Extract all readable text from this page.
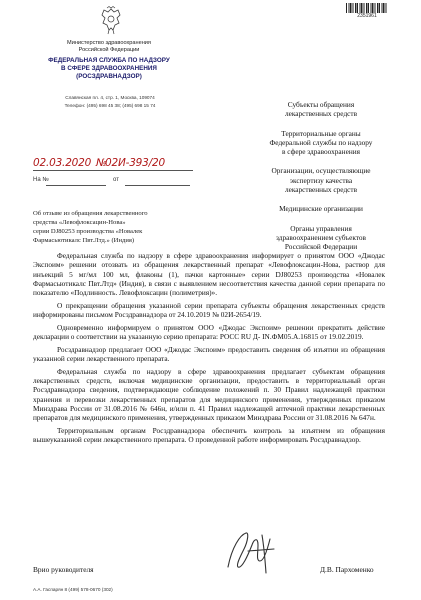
Министерство здравоохранения
Российской Федерации
ФЕДЕРАЛЬНАЯ СЛУЖБА ПО НАДЗОРУ
В СФЕРЕ ЗДРАВООХРАНЕНИЯ
(РОСЗДРАВНАДЗОР)
Славянская пл. 4, стр. 1, Москва, 109074
Телефон: (495) 698 45 38; (495) 698 15 74
02.03.2020 №
02И-393/20
На №	от
Об отзыве из обращения лекарственного
средства «Левофлоксацин-Нова»
серии DJ80253 производства «Новалек
Фармасьютикалс Пвт.Лтд.» (Индия)
2351961
Субъекты обращения
лекарственных средств
Территориальные органы
Федеральной службы по надзору
в сфере здравоохранения
Организации, осуществляющие
экспертизу качества
лекарственных средств
Медицинские организации
Органы управления
здравоохранением субъектов
Российской Федерации

Федеральная служба по надзору в сфере здравоохранения информирует о принятом ООО «Джодас Экспоим» решении отозвать из обращения лекарственный препарат «Левофлоксацин-Нова, раствор для инъекций 5 мг/мл 100 мл, флаконы (1), пачки картонные» серии DJ80253 производства «Новалек Фармасьютикалс Пвт.Лтд» (Индия), в связи с выявлением несоответствия качества данной серии препарата по показателю «Подлинность. Левофлоксацин (полиметрия)».

О прекращении обращения указанной серии препарата субъекты обращения лекарственных средств информированы письмом Росздравнадзора от 24.10.2019 № 02И-2654/19.

Одновременно информируем о принятом ООО «Джодас Экспоим» решении прекратить действие декларации о соответствии на указанную серию препарата: РОСС RU Д- IN.ФМ05.А.16815 от 19.02.2019.

Росздравнадзор предлагает ООО «Джодас Экспоим» предоставить сведения об изъятии из обращения указанной серии лекарственного препарата.

Федеральная служба по надзору в сфере здравоохранения предлагает субъектам обращения лекарственных средств, включая медицинские организации, предоставить в территориальный орган Росздравнадзора сведения, подтверждающие соблюдение положений п. 30 Правил надлежащей практики хранения и перевозки лекарственных препаратов для медицинского применения, утвержденных приказом Минздрава России от 31.08.2016 № 646н, и/или п. 41 Правил надлежащей аптечной практики лекарственных препаратов для медицинского применения, утвержденных приказом Минздрава России от 31.08.2016 № 647н.

Территориальным органам Росздравнадзора обеспечить контроль за изъятием из обращения вышеуказанной серии лекарственного препарата. О проведенной работе информировать Росздравнадзор.

Врио руководителя	Д.В. Пархоменко
А.А. Гаспарян 8 (499) 578-0670 (302)
